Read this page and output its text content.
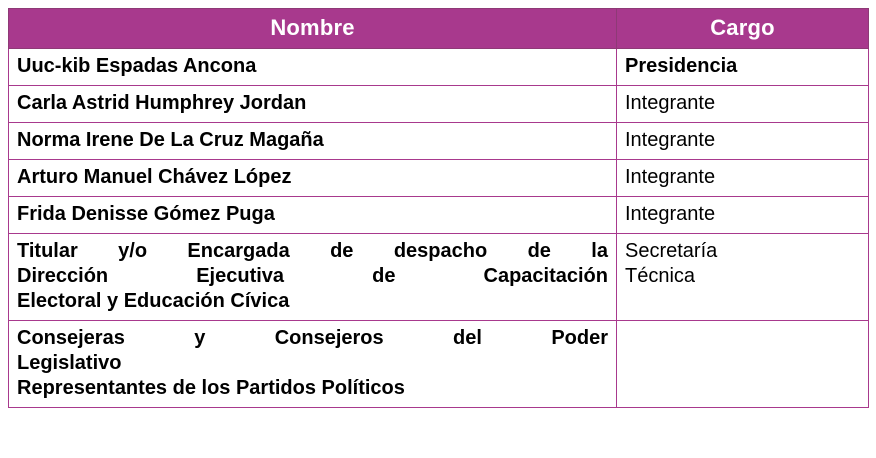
Nombre	Cargo

Uuc-kib Espadas Ancona	Presidencia

Carla Astrid Humphrey Jordan	Integrante

Norma Irene De La Cruz Magaña	Integrante

Arturo Manuel Chávez López	Integrante

Frida Denisse Gómez Puga	Integrante

Titular y/o Encargada de despacho de la
Dirección Ejecutiva de Capacitación
Electoral y Educación Cívica	Secretaría
Técnica

Consejeras y Consejeros del Poder
Legislativo
Representantes de los Partidos Políticos	
